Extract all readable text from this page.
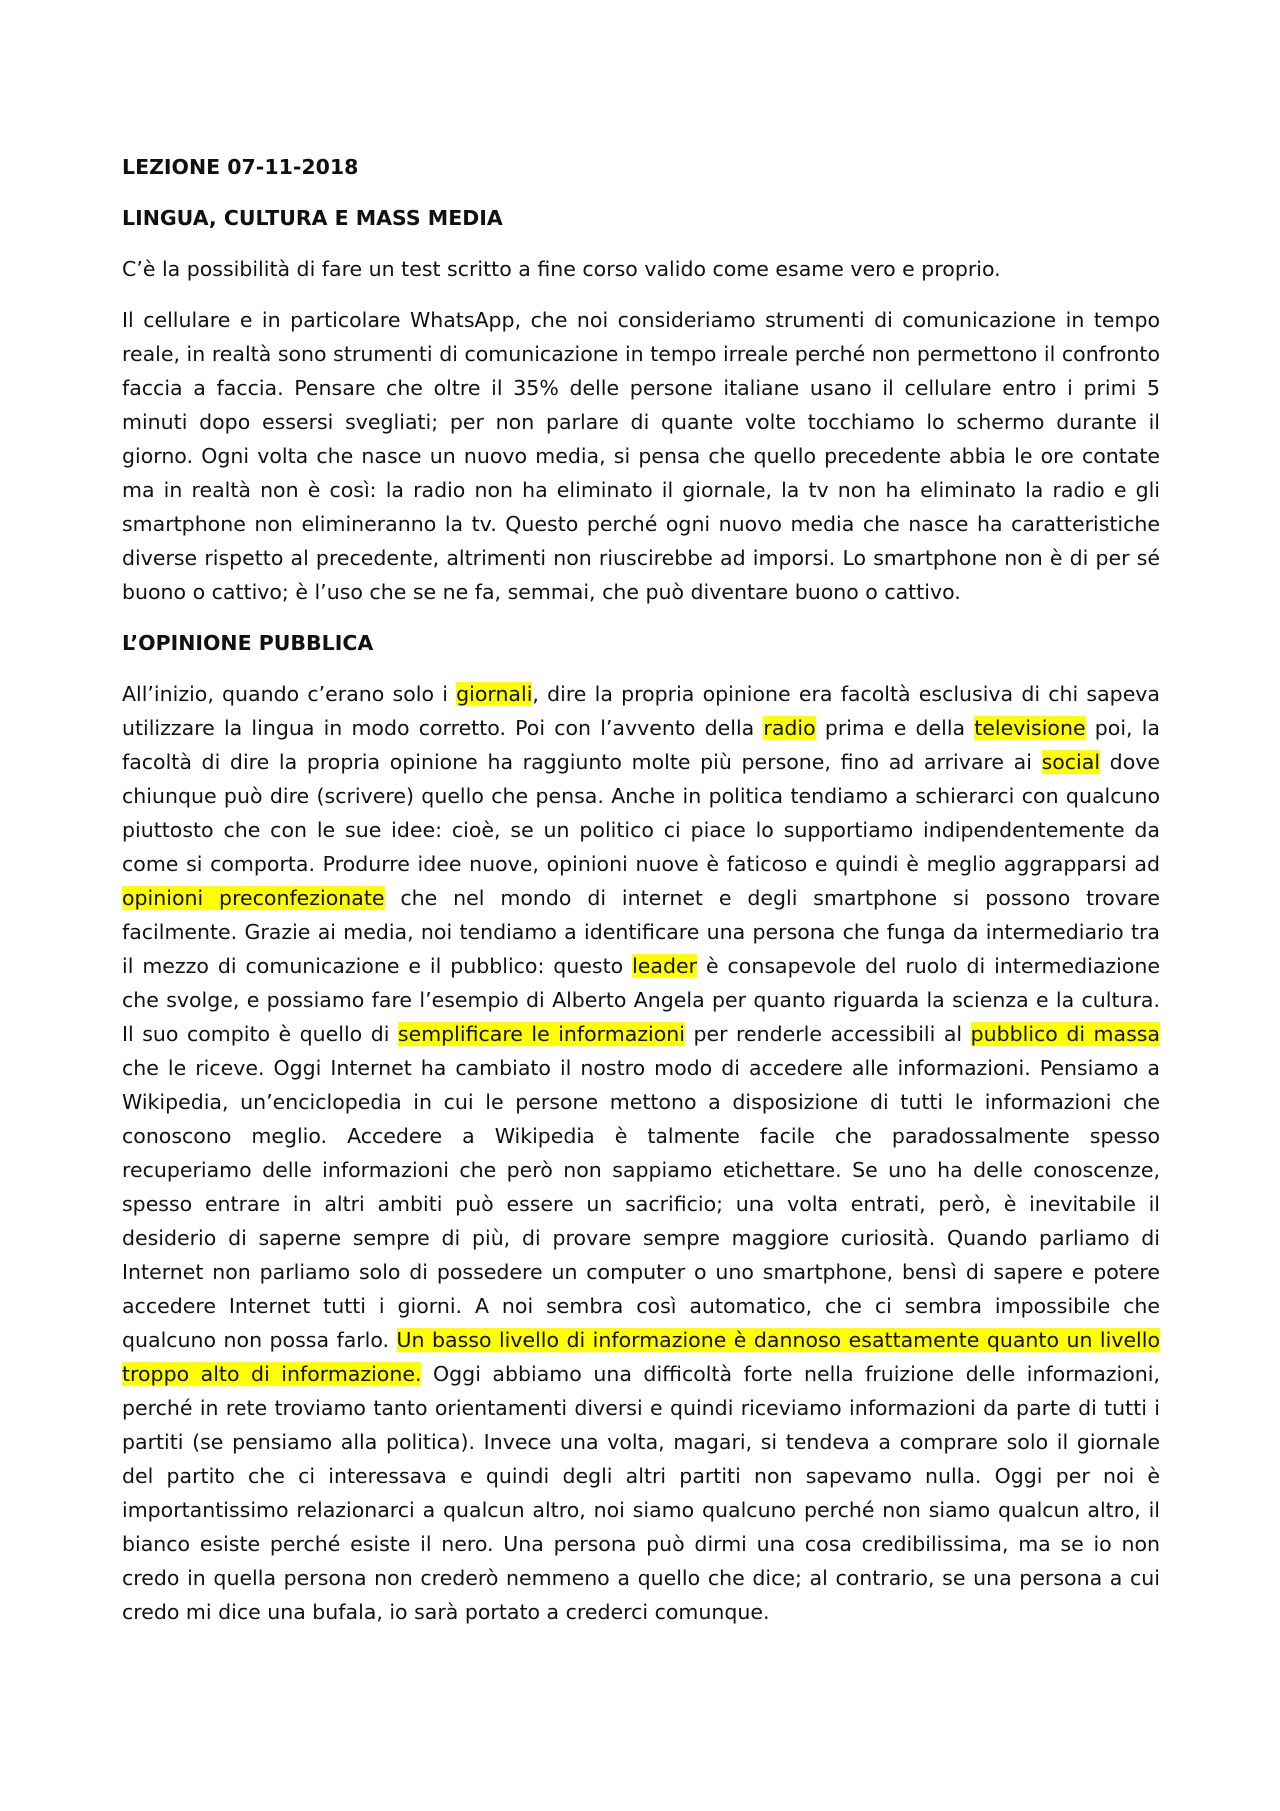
LEZIONE 07-11-2018
LINGUA, CULTURA E MASS MEDIA
C’è la possibilità di fare un test scritto a fine corso valido come esame vero e proprio.
Il cellulare e in particolare WhatsApp, che noi consideriamo strumenti di comunicazione in tempo reale, in realtà sono strumenti di comunicazione in tempo irreale perché non permettono il confronto faccia a faccia. Pensare che oltre il 35% delle persone italiane usano il cellulare entro i primi 5 minuti dopo essersi svegliati; per non parlare di quante volte tocchiamo lo schermo durante il giorno. Ogni volta che nasce un nuovo media, si pensa che quello precedente abbia le ore contate ma in realtà non è così: la radio non ha eliminato il giornale, la tv non ha eliminato la radio e gli smartphone non elimineranno la tv. Questo perché ogni nuovo media che nasce ha caratteristiche diverse rispetto al precedente, altrimenti non riuscirebbe ad imporsi. Lo smartphone non è di per sé buono o cattivo; è l’uso che se ne fa, semmai, che può diventare buono o cattivo.
L’OPINIONE PUBBLICA
All’inizio, quando c’erano solo i giornali, dire la propria opinione era facoltà esclusiva di chi sapeva utilizzare la lingua in modo corretto. Poi con l’avvento della radio prima e della televisione poi, la facoltà di dire la propria opinione ha raggiunto molte più persone, fino ad arrivare ai social dove chiunque può dire (scrivere) quello che pensa. Anche in politica tendiamo a schierarci con qualcuno piuttosto che con le sue idee: cioè, se un politico ci piace lo supportiamo indipendentemente da come si comporta. Produrre idee nuove, opinioni nuove è faticoso e quindi è meglio aggrapparsi ad opinioni preconfezionate che nel mondo di internet e degli smartphone si possono trovare facilmente. Grazie ai media, noi tendiamo a identificare una persona che funga da intermediario tra il mezzo di comunicazione e il pubblico: questo leader è consapevole del ruolo di intermediazione che svolge, e possiamo fare l’esempio di Alberto Angela per quanto riguarda la scienza e la cultura. Il suo compito è quello di semplificare le informazioni per renderle accessibili al pubblico di massa che le riceve. Oggi Internet ha cambiato il nostro modo di accedere alle informazioni. Pensiamo a Wikipedia, un’enciclopedia in cui le persone mettono a disposizione di tutti le informazioni che conoscono meglio. Accedere a Wikipedia è talmente facile che paradossalmente spesso recuperiamo delle informazioni che però non sappiamo etichettare. Se uno ha delle conoscenze, spesso entrare in altri ambiti può essere un sacrificio; una volta entrati, però, è inevitabile il desiderio di saperne sempre di più, di provare sempre maggiore curiosità. Quando parliamo di Internet non parliamo solo di possedere un computer o uno smartphone, bensì di sapere e potere accedere Internet tutti i giorni. A noi sembra così automatico, che ci sembra impossibile che qualcuno non possa farlo. Un basso livello di informazione è dannoso esattamente quanto un livello troppo alto di informazione. Oggi abbiamo una difficoltà forte nella fruizione delle informazioni, perché in rete troviamo tanto orientamenti diversi e quindi riceviamo informazioni da parte di tutti i partiti (se pensiamo alla politica). Invece una volta, magari, si tendeva a comprare solo il giornale del partito che ci interessava e quindi degli altri partiti non sapevamo nulla. Oggi per noi è importantissimo relazionarci a qualcun altro, noi siamo qualcuno perché non siamo qualcun altro, il bianco esiste perché esiste il nero. Una persona può dirmi una cosa credibilissima, ma se io non credo in quella persona non crederò nemmeno a quello che dice; al contrario, se una persona a cui credo mi dice una bufala, io sarà portato a crederci comunque.
